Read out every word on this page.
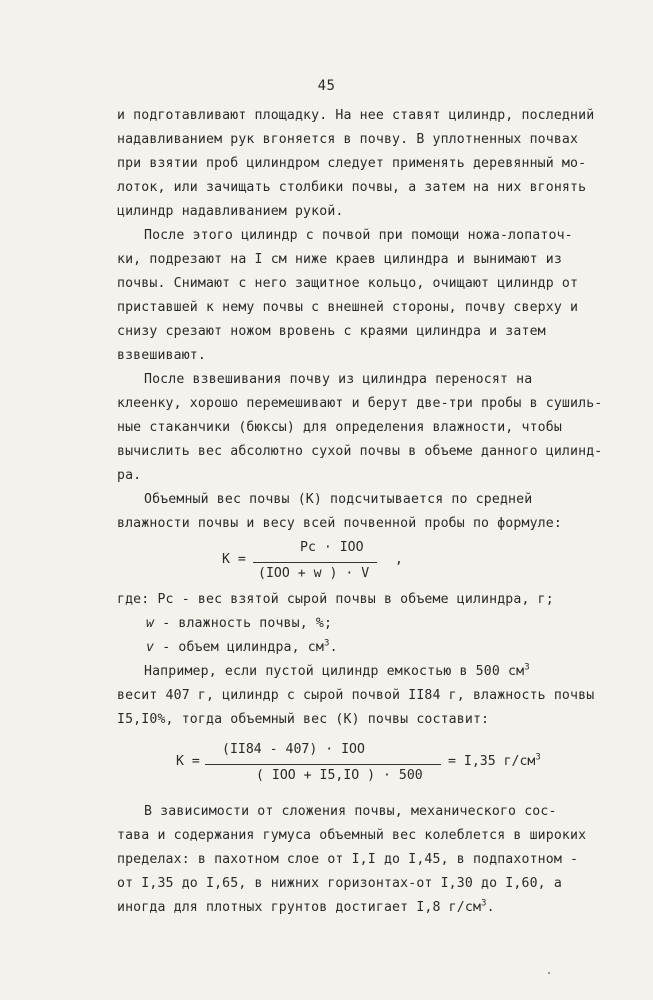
45
и подготавливают площадку. На нее ставят цилиндр, последний
надавливанием рук вгоняется в почву. В уплотненных почвах
при взятии проб цилиндром следует применять деревянный мо-
лоток, или зачищать столбики почвы, а затем на них вгонять
цилиндр надавливанием рукой.
После этого цилиндр с почвой при помощи ножа-лопаточ-
ки, подрезают на I см ниже краев цилиндра и вынимают из
почвы. Снимают с него защитное кольцо, очищают цилиндр от
приставшей к нему почвы с внешней стороны, почву сверху и
снизу срезают ножом вровень с краями цилиндра и затем
взвешивают.
После взвешивания почву из цилиндра переносят на
клеенку, хорошо перемешивают и берут две-три пробы в сушиль-
ные стаканчики (бюксы) для определения влажности, чтобы
вычислить вес абсолютно сухой почвы в объеме данного цилинд-
ра.
Объемный вес почвы (К) подсчитывается по средней
влажности почвы и весу всей почвенной пробы по формуле:
К =
Рс · IOO
(IOO + w ) · V
,
где: Рс - вес взятой сырой почвы в объеме цилиндра, г;
w - влажность почвы, %;
v - объем цилиндра, $см^3$.
Например, если пустой цилиндр емкостью в 500 $см^3$
весит 407 г, цилиндр с сырой почвой II84 г, влажность почвы
I5,I0%, тогда объемный вес (К) почвы составит:
К =
(II84 - 407) · IOO
( IOO + I5,IO ) · 500
= I,35 $г/см^3$
В зависимости от сложения почвы, механического сос-
тава и содержания гумуса объемный вес колеблется в широких
пределах: в пахотном слое от I,I до I,45, в подпахотном -
от I,35 до I,65, в нижних горизонтах-от I,30 до I,60, а
иногда для плотных грунтов достигает I,8 $г/см^3$.
